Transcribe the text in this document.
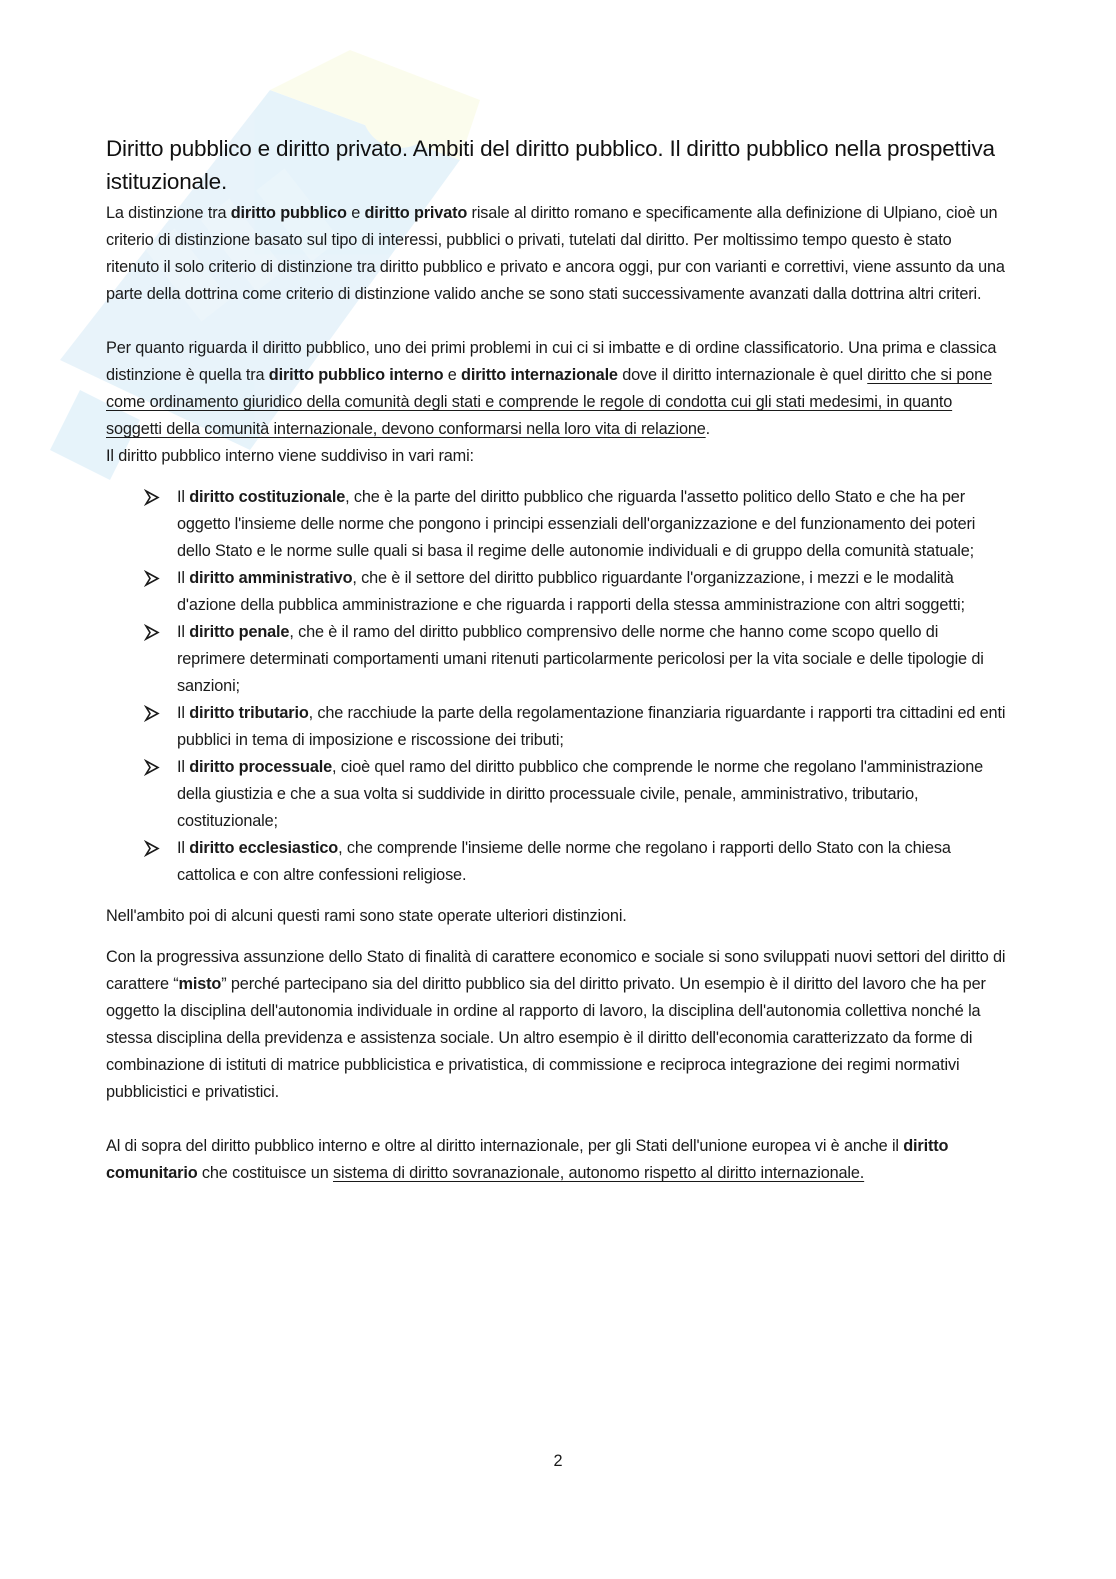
Diritto pubblico e diritto privato. Ambiti del diritto pubblico. Il diritto pubblico nella prospettiva istituzionale.

La distinzione tra diritto pubblico e diritto privato risale al diritto romano e specificamente alla definizione di Ulpiano, cioè un criterio di distinzione basato sul tipo di interessi, pubblici o privati, tutelati dal diritto. Per moltissimo tempo questo è stato ritenuto il solo criterio di distinzione tra diritto pubblico e privato e ancora oggi, pur con varianti e correttivi, viene assunto da una parte della dottrina come criterio di distinzione valido anche se sono stati successivamente avanzati dalla dottrina altri criteri.

Per quanto riguarda il diritto pubblico, uno dei primi problemi in cui ci si imbatte e di ordine classificatorio. Una prima e classica distinzione è quella tra diritto pubblico interno e diritto internazionale dove il diritto internazionale è quel diritto che si pone come ordinamento giuridico della comunità degli stati e comprende le regole di condotta cui gli stati medesimi, in quanto soggetti della comunità internazionale, devono conformarsi nella loro vita di relazione.

Il diritto pubblico interno viene suddiviso in vari rami:

Il diritto costituzionale, che è la parte del diritto pubblico che riguarda l'assetto politico dello Stato e che ha per oggetto l'insieme delle norme che pongono i principi essenziali dell'organizzazione e del funzionamento dei poteri dello Stato e le norme sulle quali si basa il regime delle autonomie individuali e di gruppo della comunità statuale;
Il diritto amministrativo, che è il settore del diritto pubblico riguardante l'organizzazione, i mezzi e le modalità d'azione della pubblica amministrazione e che riguarda i rapporti della stessa amministrazione con altri soggetti;
Il diritto penale, che è il ramo del diritto pubblico comprensivo delle norme che hanno come scopo quello di reprimere determinati comportamenti umani ritenuti particolarmente pericolosi per la vita sociale e delle tipologie di sanzioni;
Il diritto tributario, che racchiude la parte della regolamentazione finanziaria riguardante i rapporti tra cittadini ed enti pubblici in tema di imposizione e riscossione dei tributi;
Il diritto processuale, cioè quel ramo del diritto pubblico che comprende le norme che regolano l'amministrazione della giustizia e che a sua volta si suddivide in diritto processuale civile, penale, amministrativo, tributario, costituzionale;
Il diritto ecclesiastico, che comprende l'insieme delle norme che regolano i rapporti dello Stato con la chiesa cattolica e con altre confessioni religiose.

Nell'ambito poi di alcuni questi rami sono state operate ulteriori distinzioni.

Con la progressiva assunzione dello Stato di finalità di carattere economico e sociale si sono sviluppati nuovi settori del diritto di carattere “misto” perché partecipano sia del diritto pubblico sia del diritto privato. Un esempio è il diritto del lavoro che ha per oggetto la disciplina dell'autonomia individuale in ordine al rapporto di lavoro, la disciplina dell'autonomia collettiva nonché la stessa disciplina della previdenza e assistenza sociale. Un altro esempio è il diritto dell'economia caratterizzato da forme di combinazione di istituti di matrice pubblicistica e privatistica, di commissione e reciproca integrazione dei regimi normativi pubblicistici e privatistici.

Al di sopra del diritto pubblico interno e oltre al diritto internazionale, per gli Stati dell'unione europea vi è anche il diritto comunitario che costituisce un sistema di diritto sovranazionale, autonomo rispetto al diritto internazionale.

2
